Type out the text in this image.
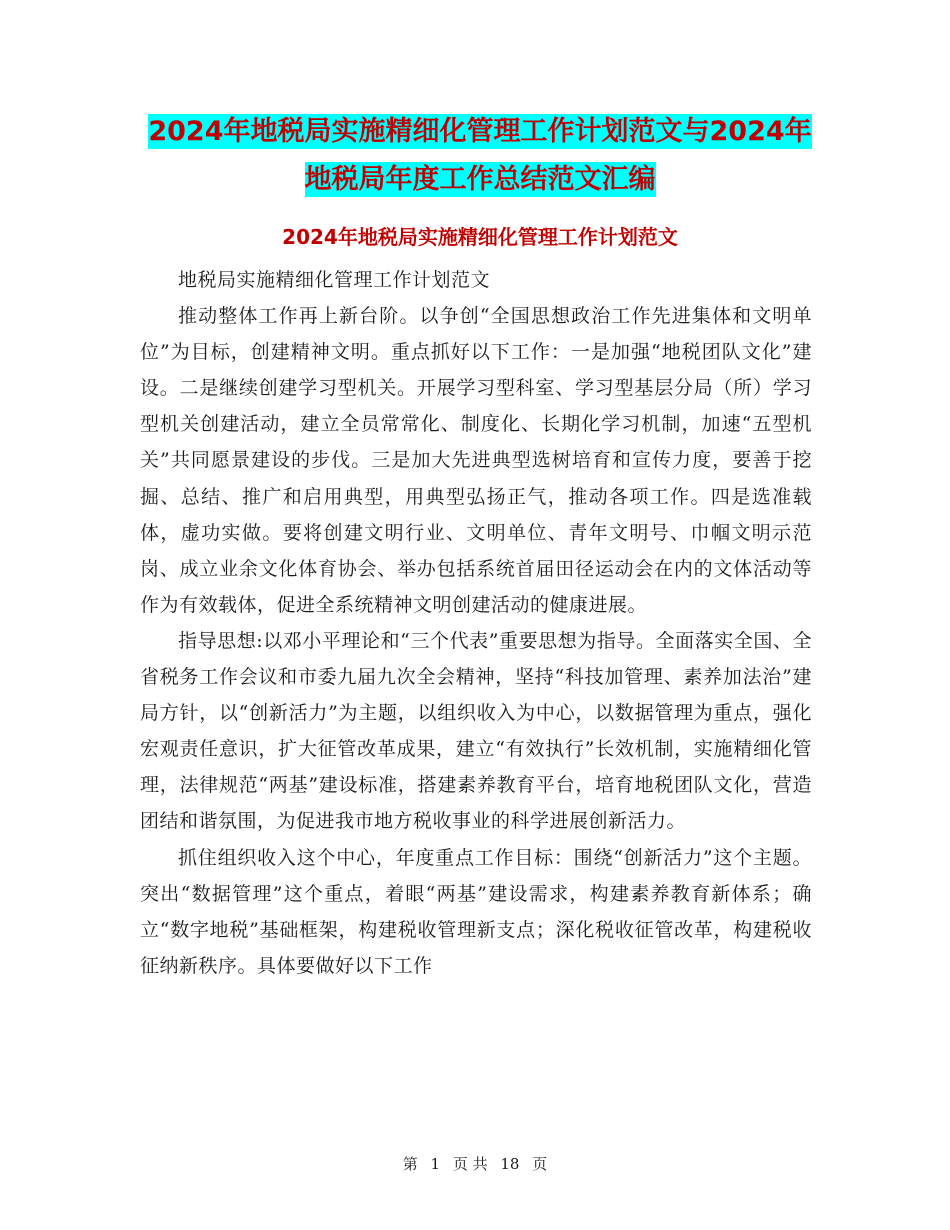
2024年地税局实施精细化管理工作计划范文与2024年
地税局年度工作总结范文汇编
2024年地税局实施精细化管理工作计划范文

地税局实施精细化管理工作计划范文

推动整体工作再上新台阶。以争创“全国思想政治工作先进集体和文明单位”为目标，创建精神文明。重点抓好以下工作：一是加强“地税团队文化”建设。二是继续创建学习型机关。开展学习型科室、学习型基层分局（所）学习型机关创建活动，建立全员常常化、制度化、长期化学习机制，加速“五型机关”共同愿景建设的步伐。三是加大先进典型选树培育和宣传力度，要善于挖掘、总结、推广和启用典型，用典型弘扬正气，推动各项工作。四是选准载体，虚功实做。要将创建文明行业、文明单位、青年文明号、巾帼文明示范岗、成立业余文化体育协会、举办包括系统首届田径运动会在内的文体活动等作为有效载体，促进全系统精神文明创建活动的健康进展。

指导思想:以邓小平理论和“三个代表”重要思想为指导。全面落实全国、全省税务工作会议和市委九届九次全会精神，坚持“科技加管理、素养加法治”建局方针，以“创新活力”为主题，以组织收入为中心，以数据管理为重点，强化宏观责任意识，扩大征管改革成果，建立“有效执行”长效机制，实施精细化管理，法律规范“两基”建设标准，搭建素养教育平台，培育地税团队文化，营造团结和谐氛围，为促进我市地方税收事业的科学进展创新活力。

抓住组织收入这个中心，年度重点工作目标：围绕“创新活力”这个主题。突出“数据管理”这个重点，着眼“两基”建设需求，构建素养教育新体系；确立“数字地税”基础框架，构建税收管理新支点；深化税收征管改革，构建税收征纳新秩序。具体要做好以下工作

第 1 页 共 18 页
